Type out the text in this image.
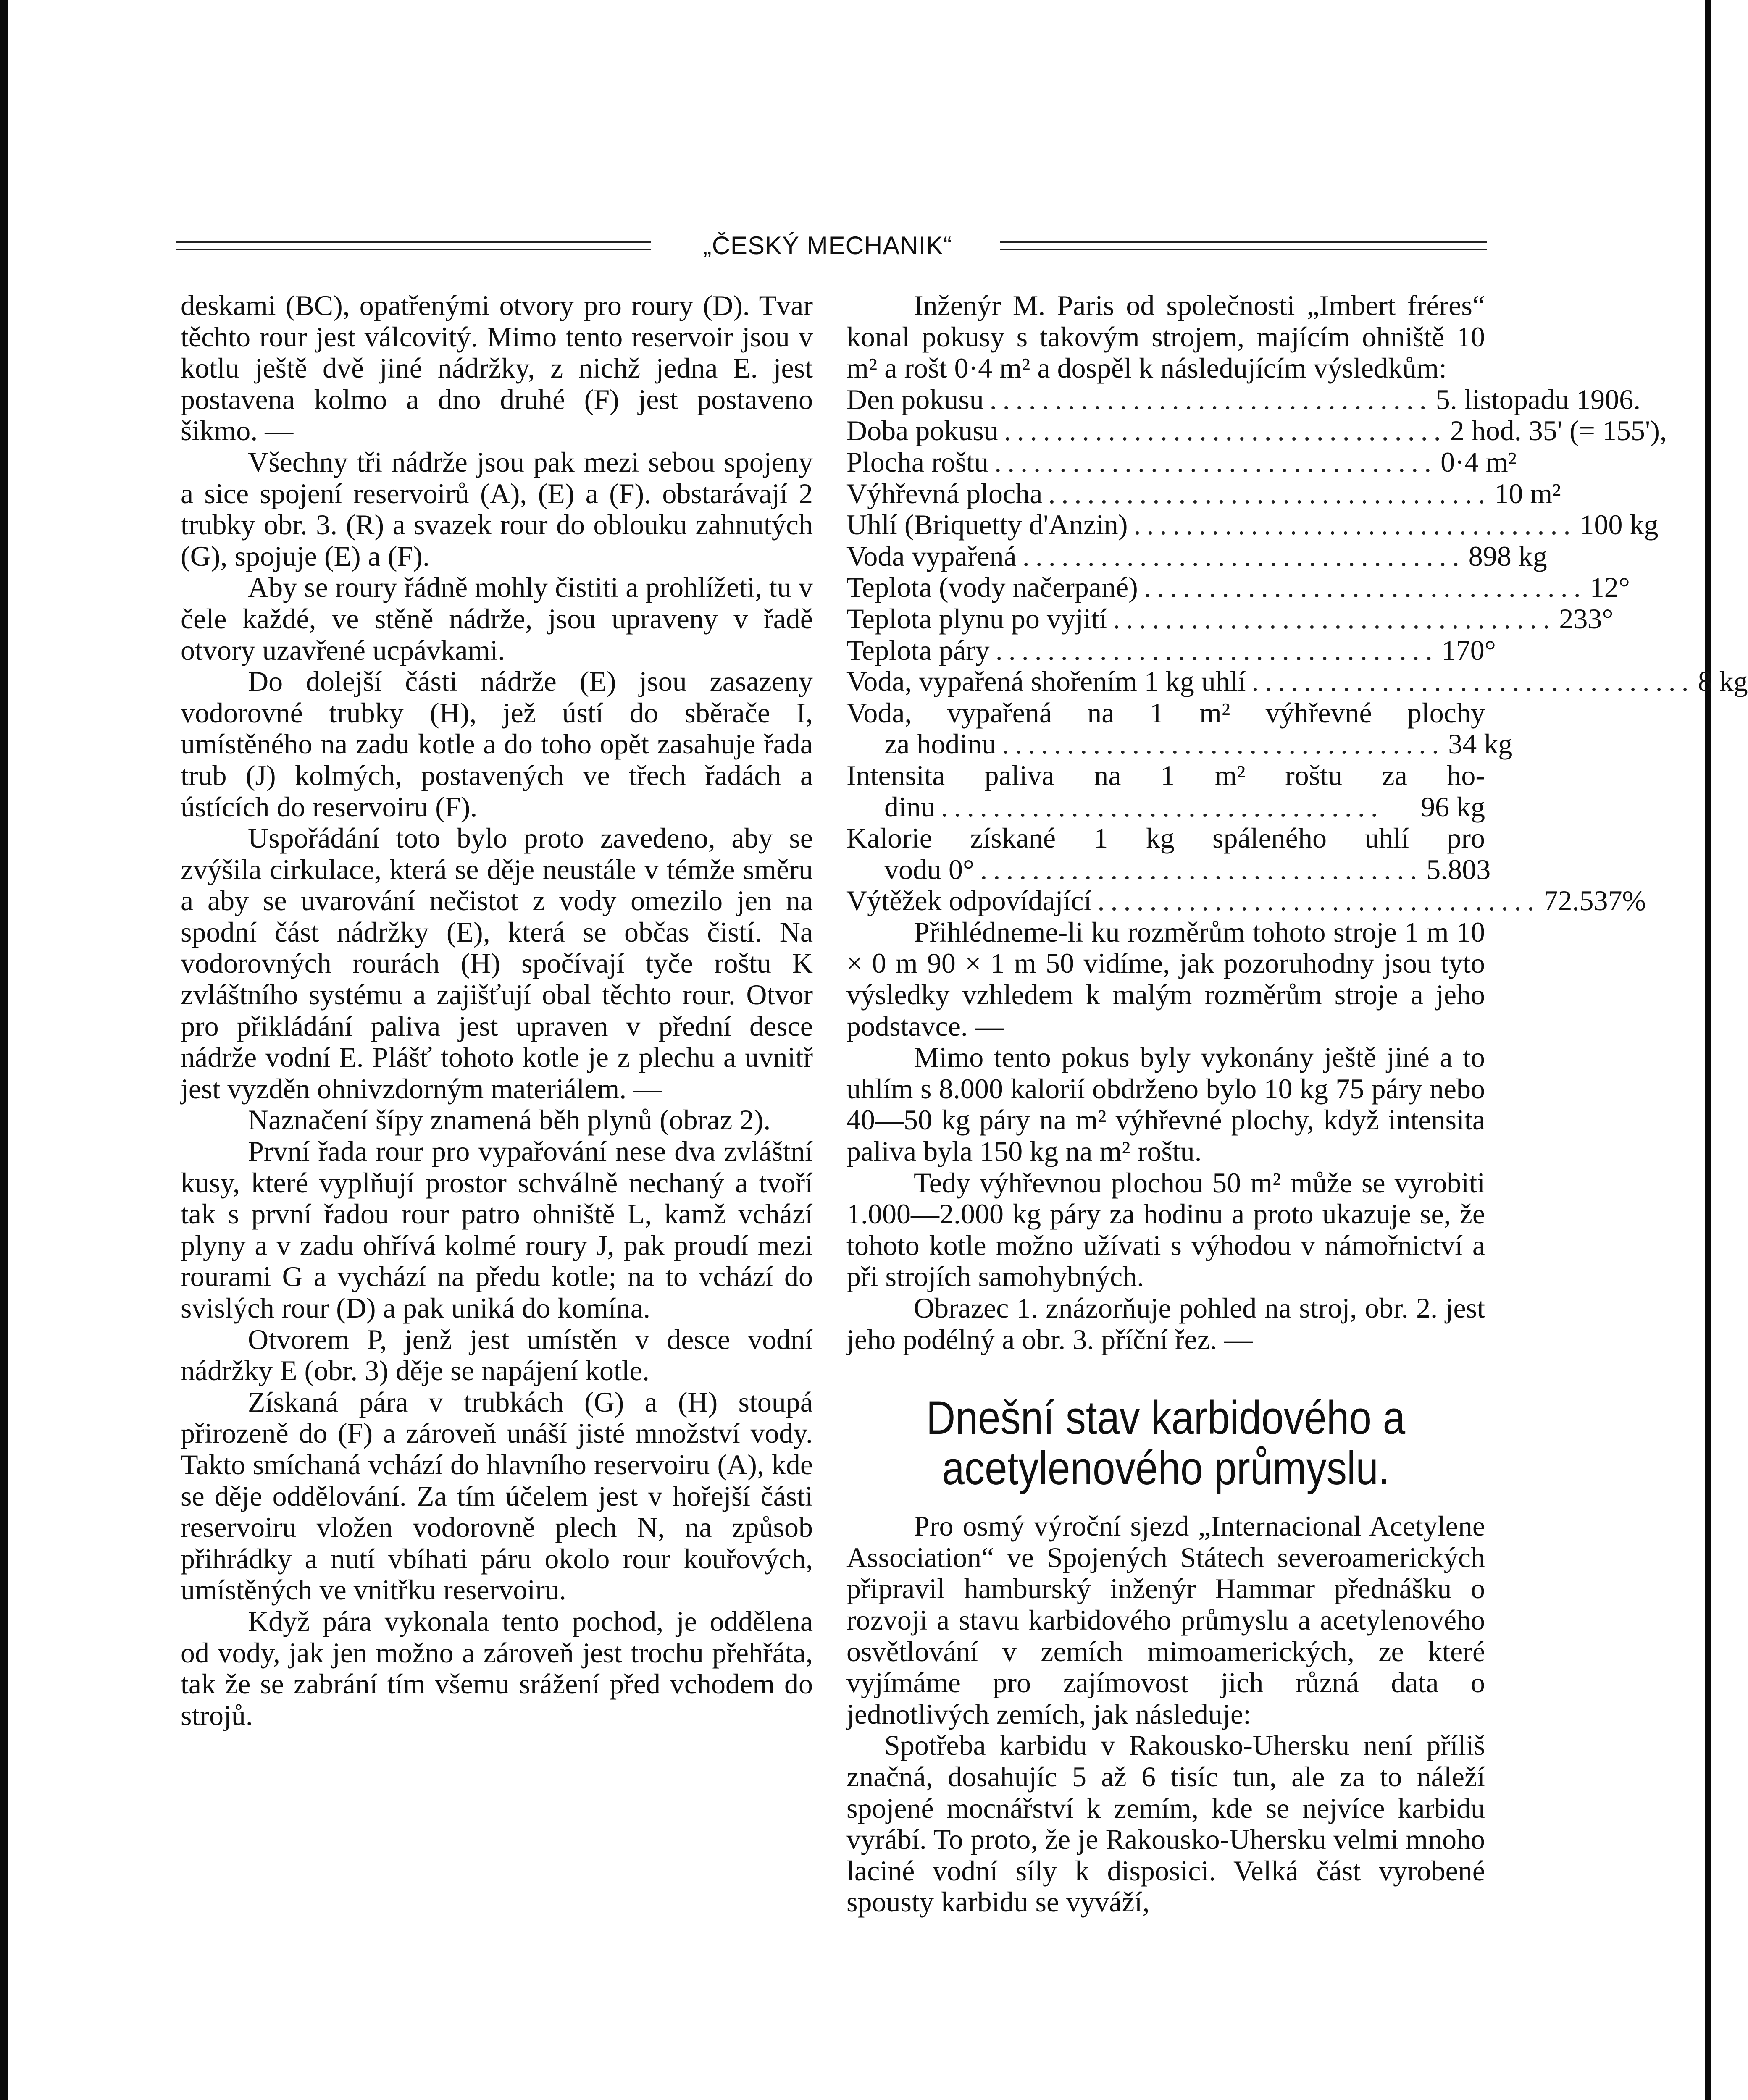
„ČESKÝ MECHANIK“

deskami (BC), opatřenými otvory pro roury (D). Tvar těchto rour jest válcovitý. Mimo tento reservoir jsou v kotlu ještě dvě jiné nádržky, z nichž jedna E. jest postavena kolmo a dno druhé (F) jest postaveno šikmo. —

Všechny tři nádrže jsou pak mezi sebou spojeny a sice spojení reservoirů (A), (E) a (F). obstarávají 2 trubky obr. 3. (R) a svazek rour do oblouku zahnutých (G), spojuje (E) a (F).

Aby se roury řádně mohly čistiti a prohlížeti, tu v čele každé, ve stěně nádrže, jsou upraveny v řadě otvory uzavřené ucpávkami.

Do dolejší části nádrže (E) jsou zasazeny vodorovné trubky (H), jež ústí do sběrače I, umístěného na zadu kotle a do toho opět zasahuje řada trub (J) kolmých, postavených ve třech řadách a ústících do reservoiru (F).

Uspořádání toto bylo proto zavedeno, aby se zvýšila cirkulace, která se děje neustále v témže směru a aby se uvarování nečistot z vody omezilo jen na spodní část nádržky (E), která se občas čistí. Na vodorovných rourách (H) spočívají tyče roštu K zvláštního systému a zajišťují obal těchto rour. Otvor pro přikládání paliva jest upraven v přední desce nádrže vodní E. Plášť tohoto kotle je z plechu a uvnitř jest vyzděn ohnivzdorným materiálem. —

Naznačení šípy znamená běh plynů (obraz 2).

První řada rour pro vypařování nese dva zvláštní kusy, které vyplňují prostor schválně nechaný a tvoří tak s první řadou rour patro ohniště L, kamž vchází plyny a v zadu ohřívá kolmé roury J, pak proudí mezi rourami G a vychází na předu kotle; na to vchází do svislých rour (D) a pak uniká do komína.

Otvorem P, jenž jest umístěn v desce vodní nádržky E (obr. 3) děje se napájení kotle.

Získaná pára v trubkách (G) a (H) stoupá přirozeně do (F) a zároveň unáší jisté množství vody. Takto smíchaná vchází do hlavního reservoiru (A), kde se děje oddělování. Za tím účelem jest v hořejší části reservoiru vložen vodorovně plech N, na způsob přihrádky a nutí vbíhati páru okolo rour kouřových, umístěných ve vnitřku reservoiru.

Když pára vykonala tento pochod, je oddělena od vody, jak jen možno a zároveň jest trochu přehřáta, tak že se zabrání tím všemu srážení před vchodem do strojů.

Inženýr M. Paris od společnosti „Imbert fréres“ konal pokusy s takovým strojem, majícím ohniště 10 m² a rošt 0·4 m² a dospěl k následujícím výsledkům:

Den pokusu .................................. 5. listopadu 1906.
Doba pokusu .................................. 2 hod. 35' (= 155'),
Plocha roštu .................................. 0·4 m²
Výhřevná plocha .................................. 10 m²
Uhlí (Briquetty d'Anzin) .................................. 100 kg
Voda vypařená .................................. 898 kg
Teplota (vody načerpané) .................................. 12°
Teplota plynu po vyjití .................................. 233°
Teplota páry .................................. 170°
Voda, vypařená shořením 1 kg uhlí .................................. 8 kg
Voda, vypařená na 1 m² výhřevné plochy
za hodinu .................................. 34 kg
Intensita paliva na 1 m² roštu za ho-
dinu ..................................	96 kg
Kalorie získané 1 kg spáleného uhlí pro
vodu 0° .................................. 5.803
Výtěžek odpovídající .................................. 72.537%

Přihlédneme-li ku rozměrům tohoto stroje 1 m 10 × 0 m 90 × 1 m 50 vidíme, jak pozoruhodny jsou tyto výsledky vzhledem k malým rozměrům stroje a jeho podstavce. —

Mimo tento pokus byly vykonány ještě jiné a to uhlím s 8.000 kalorií obdrženo bylo 10 kg 75 páry nebo 40—50 kg páry na m² výhřevné plochy, když intensita paliva byla 150 kg na m² roštu.

Tedy výhřevnou plochou 50 m² může se vyrobiti 1.000—2.000 kg páry za hodinu a proto ukazuje se, že tohoto kotle možno užívati s výhodou v námořnictví a při strojích samohybných.

Obrazec 1. znázorňuje pohled na stroj, obr. 2. jest jeho podélný a obr. 3. příční řez. —

Dnešní stav karbidového a acetylenového průmyslu.

Pro osmý výroční sjezd „Internacional Acetylene Association“ ve Spojených Státech severoamerických připravil hamburský inženýr Hammar přednášku o rozvoji a stavu karbidového průmyslu a acetylenového osvětlování v zemích mimoamerických, ze které vyjímáme pro zajímovost jich různá data o jednotlivých zemích, jak následuje:

Spotřeba karbidu v Rakousko-Uhersku není příliš značná, dosahujíc 5 až 6 tisíc tun, ale za to náleží spojené mocnářství k zemím, kde se nejvíce karbidu vyrábí. To proto, že je Rakousko-Uhersku velmi mnoho laciné vodní síly k disposici. Velká část vyrobené spousty karbidu se vyváží,
